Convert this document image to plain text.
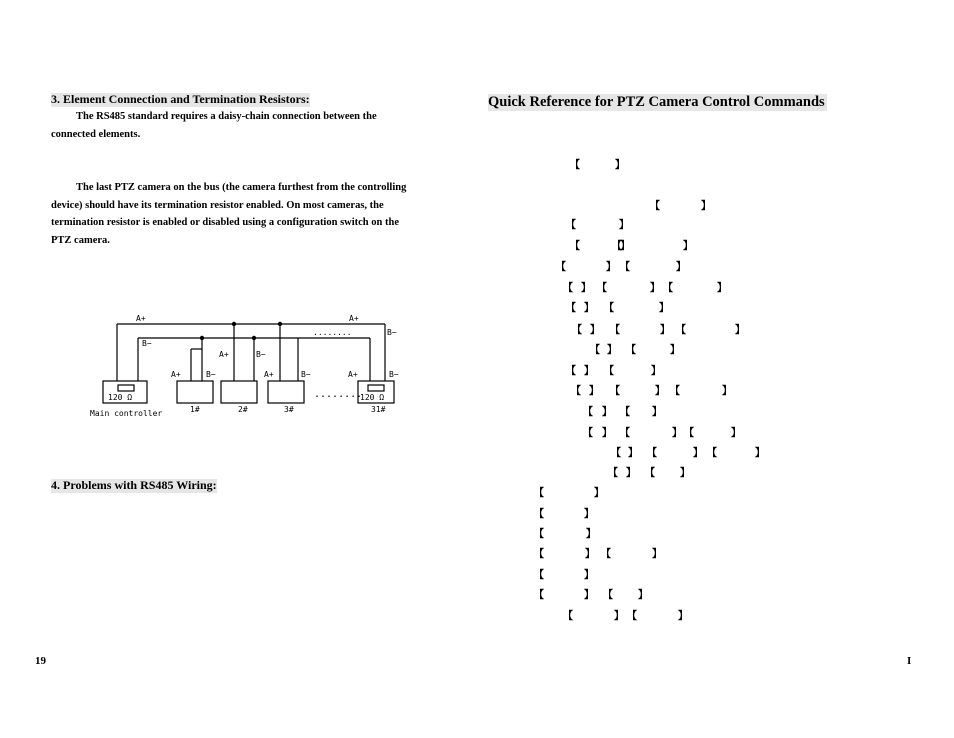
3. Element Connection and Termination Resistors:
The RS485 standard requires a daisy-chain connection between the
connected elements.
The last PTZ camera on the bus (the camera furthest from the controlling
device) should have its termination resistor enabled. On most cameras, the
termination resistor is enabled or disabled using a configuration switch on the
PTZ camera.
A+	A+
B−
B−
A+	B−
A+	B−	A+	B−	A+	B−
........
........
120 Ω	120 Ω
Main controller	1#	2#	3#	31#
4. Problems with RS485 Wiring:
19
Quick Reference for PTZ Camera Control Commands
【	】
【	】
【	】
【	】
【	】
【	】 【	】
【 】 【	】 【	】
【 】 【	】
【 】 【	】 【	】
【 】 【	】
【 】 【	】
【 】 【	】 【	】
【 】 【 】
【 】 【	】 【	】
【 】 【	】 【	】
【 】 【	】
【	】
【	】
【	】
【	】 【	】
【	】
【	】 【	】
【	】 【	】
I
